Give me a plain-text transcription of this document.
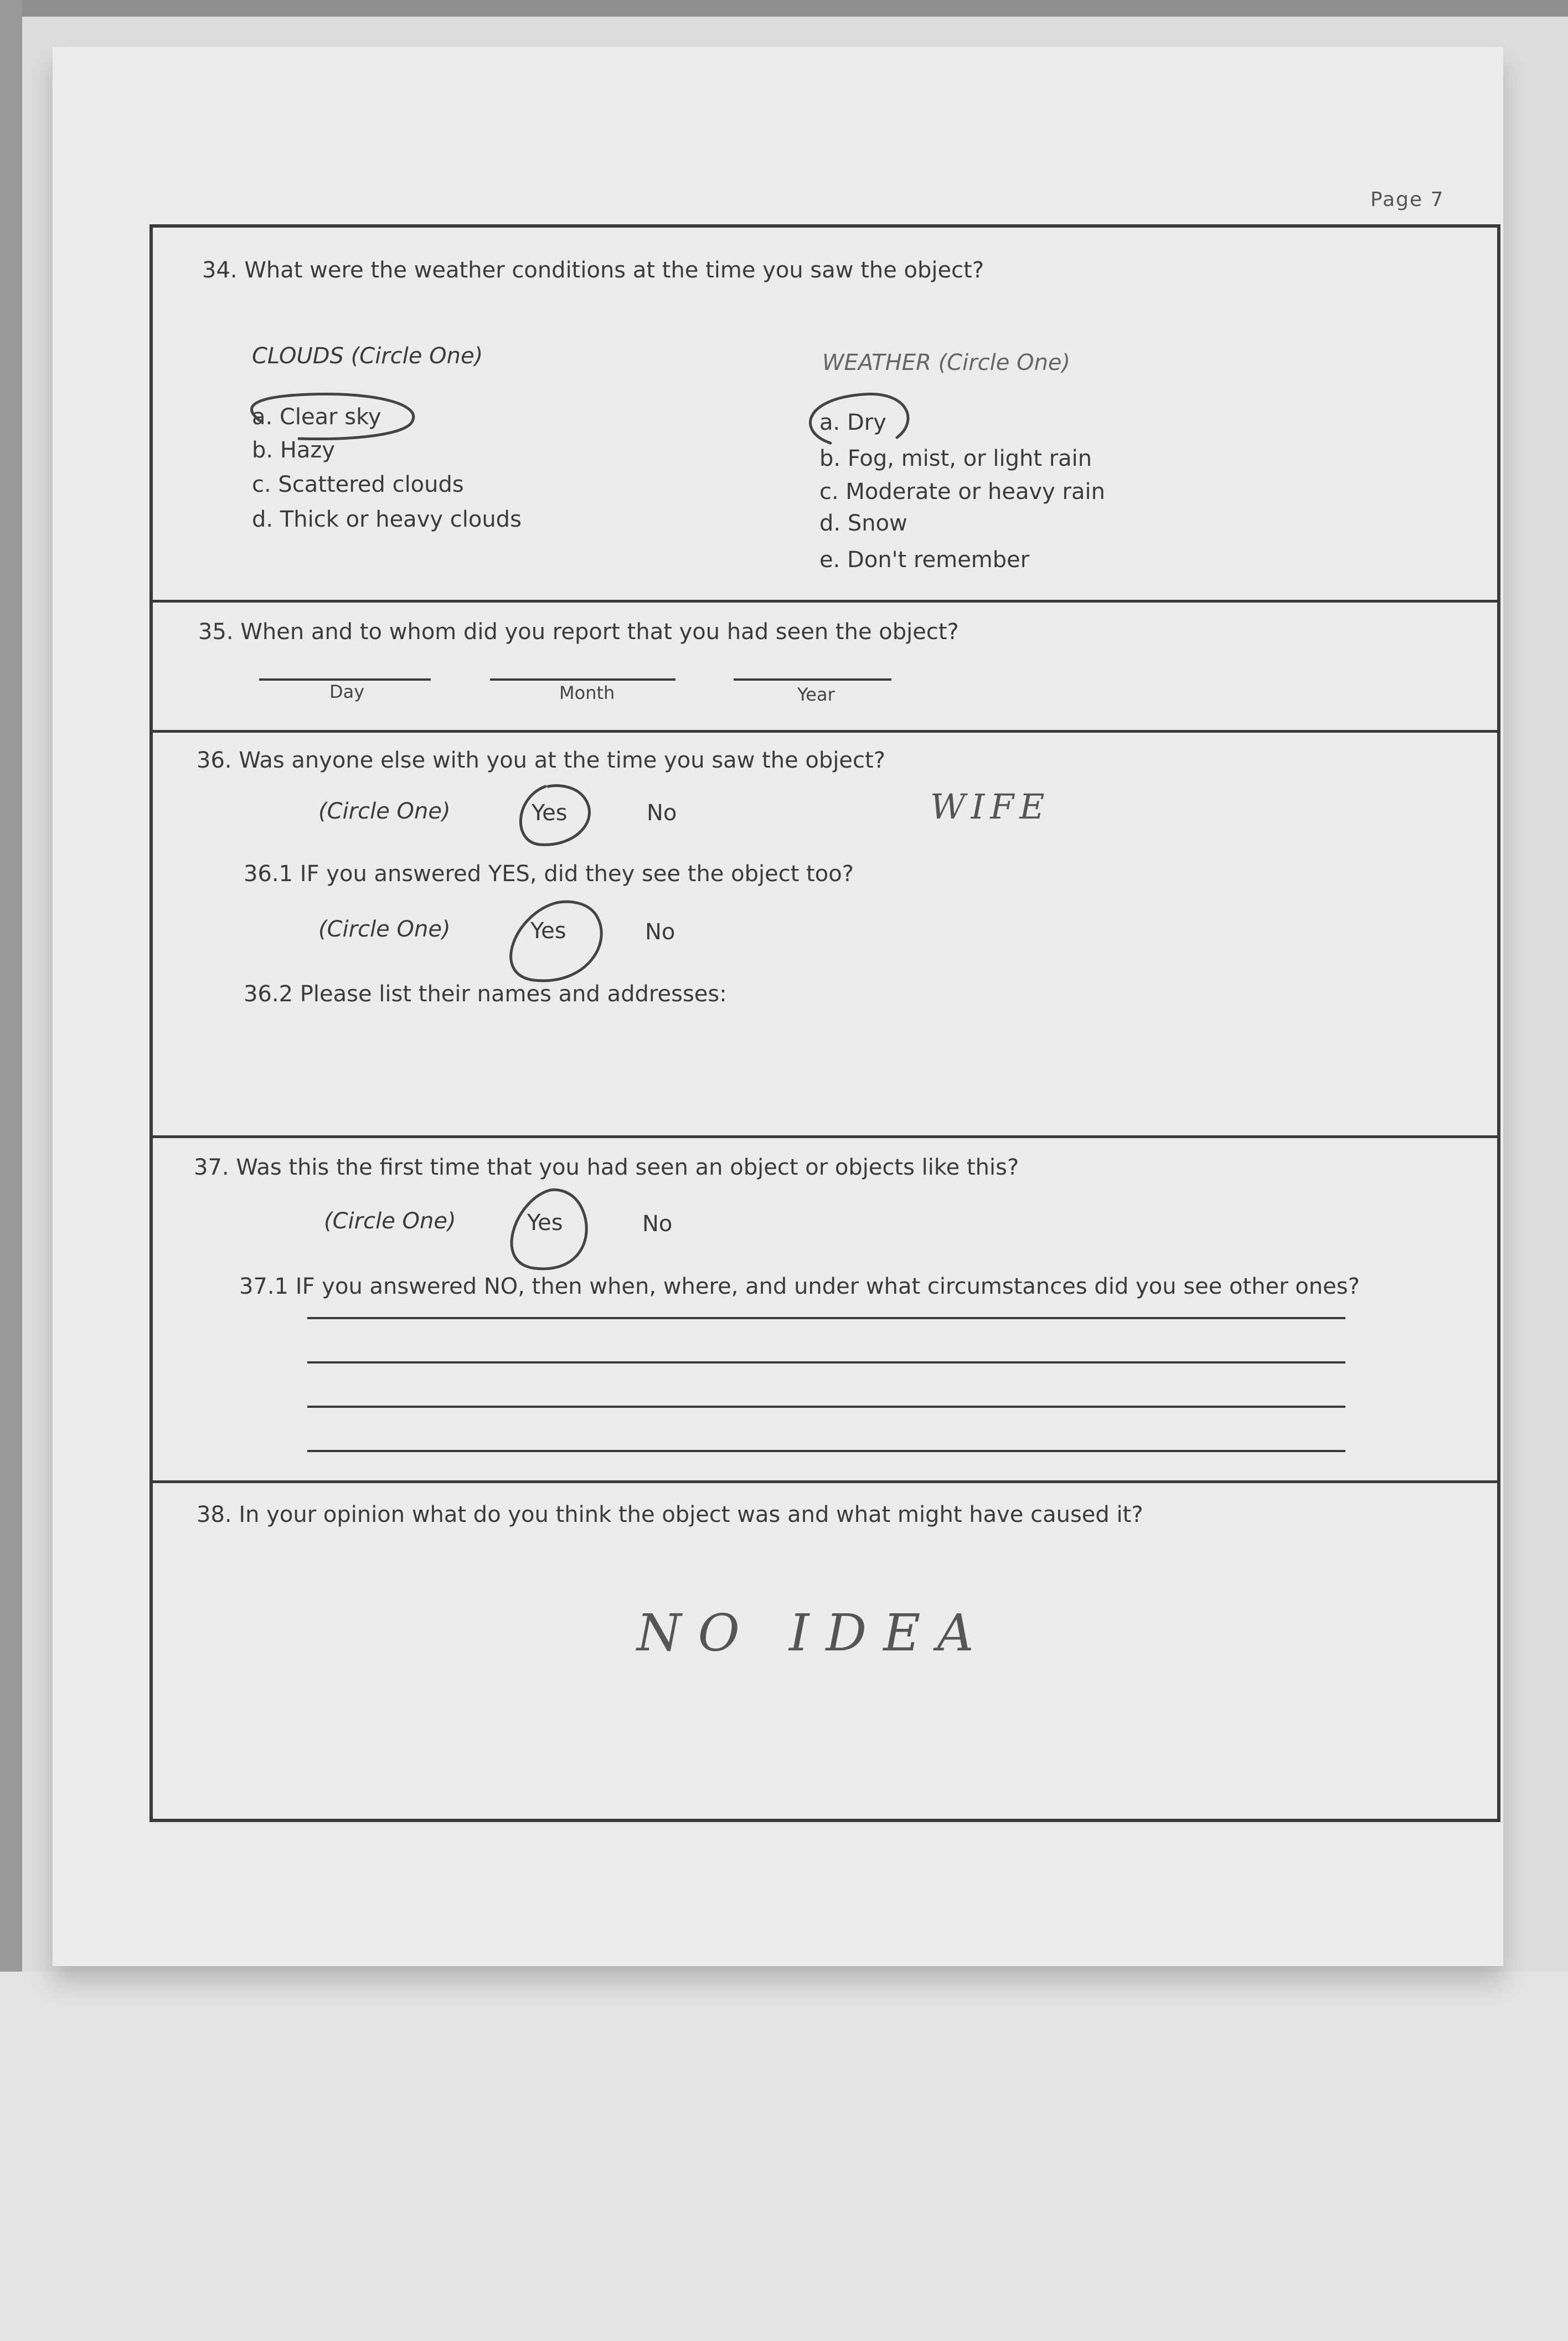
Page 7
34. What were the weather conditions at the time you saw the object?
CLOUDS (Circle One)
a. Clear sky
b. Hazy
c. Scattered clouds
d. Thick or heavy clouds
WEATHER (Circle One)
a. Dry
b. Fog, mist, or light rain
c. Moderate or heavy rain
d. Snow
e. Don't remember
35. When and to whom did you report that you had seen the object?
Day	Month	Year
36. Was anyone else with you at the time you saw the object?
(Circle One)	Yes	No	WIFE
36.1 IF you answered YES, did they see the object too?
(Circle One)	Yes	No
36.2 Please list their names and addresses:
37. Was this the first time that you had seen an object or objects like this?
(Circle One)	Yes	No
37.1 IF you answered NO, then when, where, and under what circumstances did you see other ones?
38. In your opinion what do you think the object was and what might have caused it?
NO IDEA
